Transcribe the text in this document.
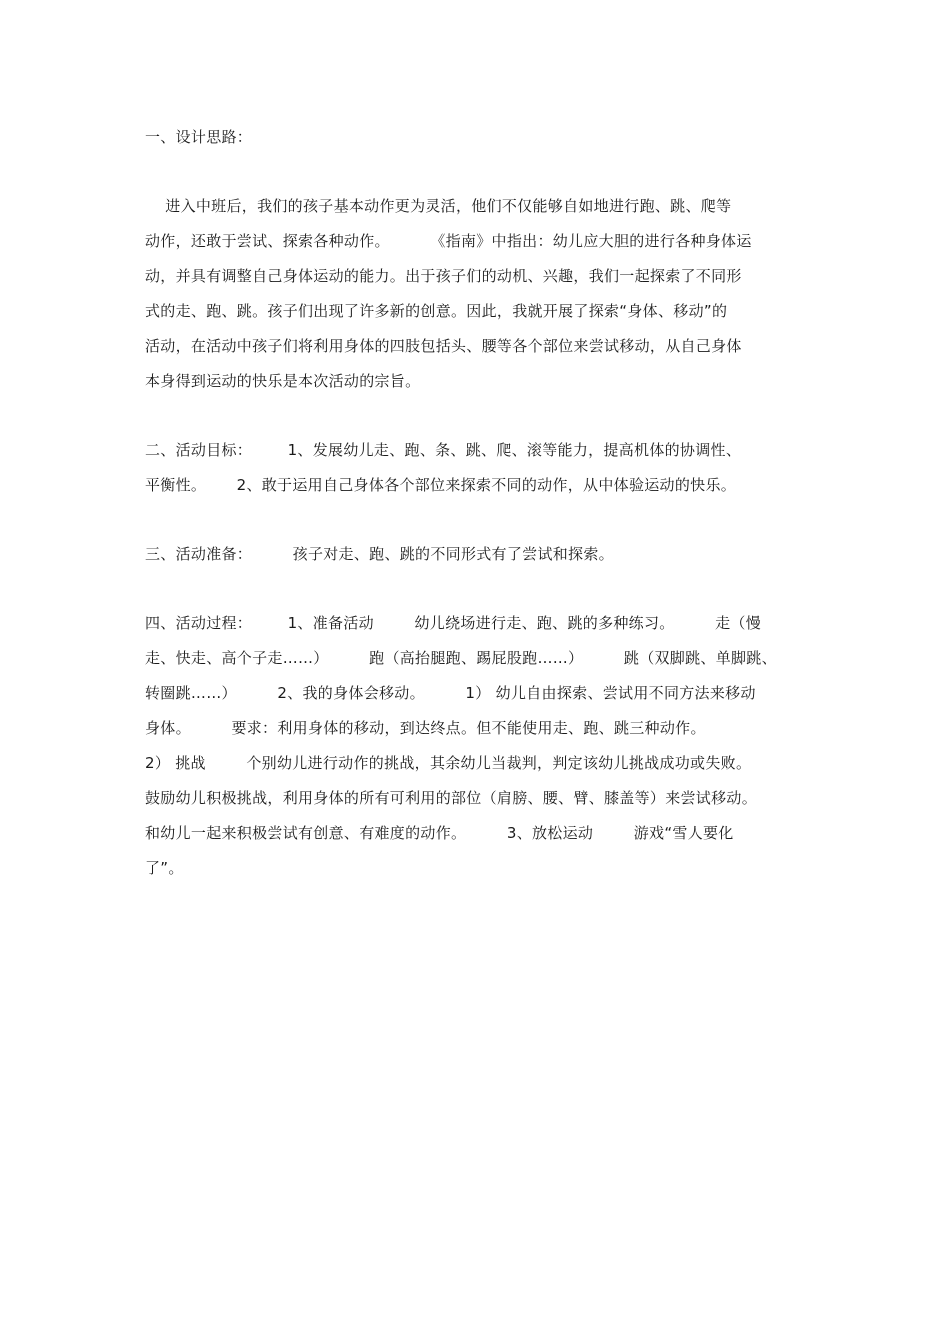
一、设计思路：
进入中班后，我们的孩子基本动作更为灵活，他们不仅能够自如地进行跑、跳、爬等
动作，还敢于尝试、探索各种动作。        《指南》中指出：幼儿应大胆的进行各种身体运
动，并具有调整自己身体运动的能力。出于孩子们的动机、兴趣，我们一起探索了不同形
式的走、跑、跳。孩子们出现了许多新的创意。因此，我就开展了探索“身体、移动”的
活动，在活动中孩子们将利用身体的四肢包括头、腰等各个部位来尝试移动，从自己身体
本身得到运动的快乐是本次活动的宗旨。
二、活动目标：       1、发展幼儿走、跑、条、跳、爬、滚等能力，提高机体的协调性、
平衡性。      2、敢于运用自己身体各个部位来探索不同的动作，从中体验运动的快乐。
三、活动准备：        孩子对走、跑、跳的不同形式有了尝试和探索。
四、活动过程：       1、准备活动        幼儿绕场进行走、跑、跳的多种练习。        走（慢
走、快走、高个子走……）        跑（高抬腿跑、踢屁股跑……）        跳（双脚跳、单脚跳、
转圈跳……）        2、我的身体会移动。        1） 幼儿自由探索、尝试用不同方法来移动
身体。        要求：利用身体的移动，到达终点。但不能使用走、跑、跳三种动作。
2） 挑战        个别幼儿进行动作的挑战，其余幼儿当裁判，判定该幼儿挑战成功或失败。
鼓励幼儿积极挑战，利用身体的所有可利用的部位（肩膀、腰、臂、膝盖等）来尝试移动。
和幼儿一起来积极尝试有创意、有难度的动作。        3、放松运动        游戏“雪人要化
了”。
